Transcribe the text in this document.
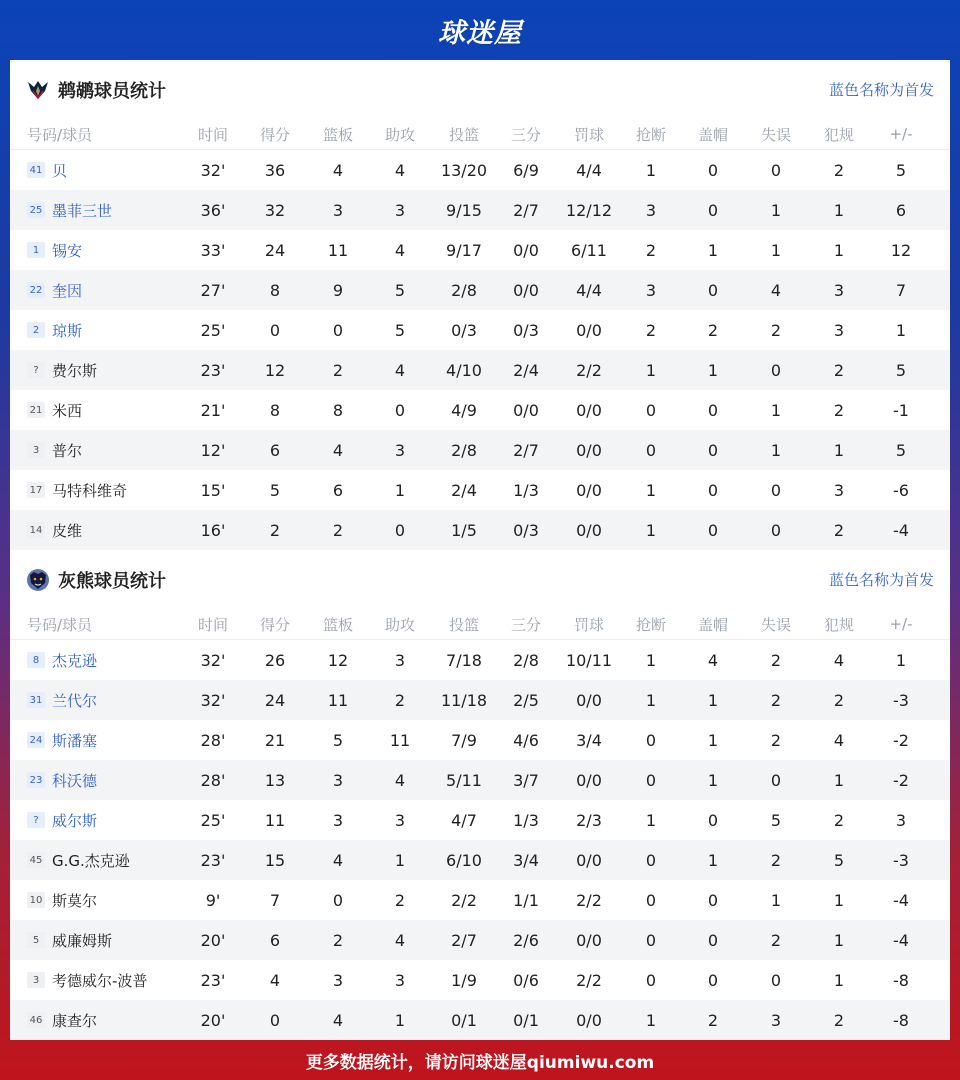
球迷屋
鹈鹕球员统计	蓝色名称为首发
号码/球员	时间	得分	篮板	助攻	投篮	三分	罚球	抢断	盖帽	失误	犯规	+/-
41 贝	32'	36	4	4	13/20	6/9	4/4	1	0	0	2	5
25 墨菲三世	36'	32	3	3	9/15	2/7	12/12	3	0	1	1	6
1 锡安	33'	24	11	4	9/17	0/0	6/11	2	1	1	1	12
22 奎因	27'	8	9	5	2/8	0/0	4/4	3	0	4	3	7
2 琼斯	25'	0	0	5	0/3	0/3	0/0	2	2	2	3	1
? 费尔斯	23'	12	2	4	4/10	2/4	2/2	1	1	0	2	5
21 米西	21'	8	8	0	4/9	0/0	0/0	0	0	1	2	-1
3 普尔	12'	6	4	3	2/8	2/7	0/0	0	0	1	1	5
17 马特科维奇	15'	5	6	1	2/4	1/3	0/0	1	0	0	3	-6
14 皮维	16'	2	2	0	1/5	0/3	0/0	1	0	0	2	-4
灰熊球员统计	蓝色名称为首发
号码/球员	时间	得分	篮板	助攻	投篮	三分	罚球	抢断	盖帽	失误	犯规	+/-
8 杰克逊	32'	26	12	3	7/18	2/8	10/11	1	4	2	4	1
31 兰代尔	32'	24	11	2	11/18	2/5	0/0	1	1	2	2	-3
24 斯潘塞	28'	21	5	11	7/9	4/6	3/4	0	1	2	4	-2
23 科沃德	28'	13	3	4	5/11	3/7	0/0	0	1	0	1	-2
? 威尔斯	25'	11	3	3	4/7	1/3	2/3	1	0	5	2	3
45 G.G.杰克逊	23'	15	4	1	6/10	3/4	0/0	0	1	2	5	-3
10 斯莫尔	9'	7	0	2	2/2	1/1	2/2	0	0	1	1	-4
5 威廉姆斯	20'	6	2	4	2/7	2/6	0/0	0	0	2	1	-4
3 考德威尔-波普	23'	4	3	3	1/9	0/6	2/2	0	0	0	1	-8
46 康查尔	20'	0	4	1	0/1	0/1	0/0	1	2	3	2	-8
更多数据统计，请访问球迷屋qiumiwu.com
